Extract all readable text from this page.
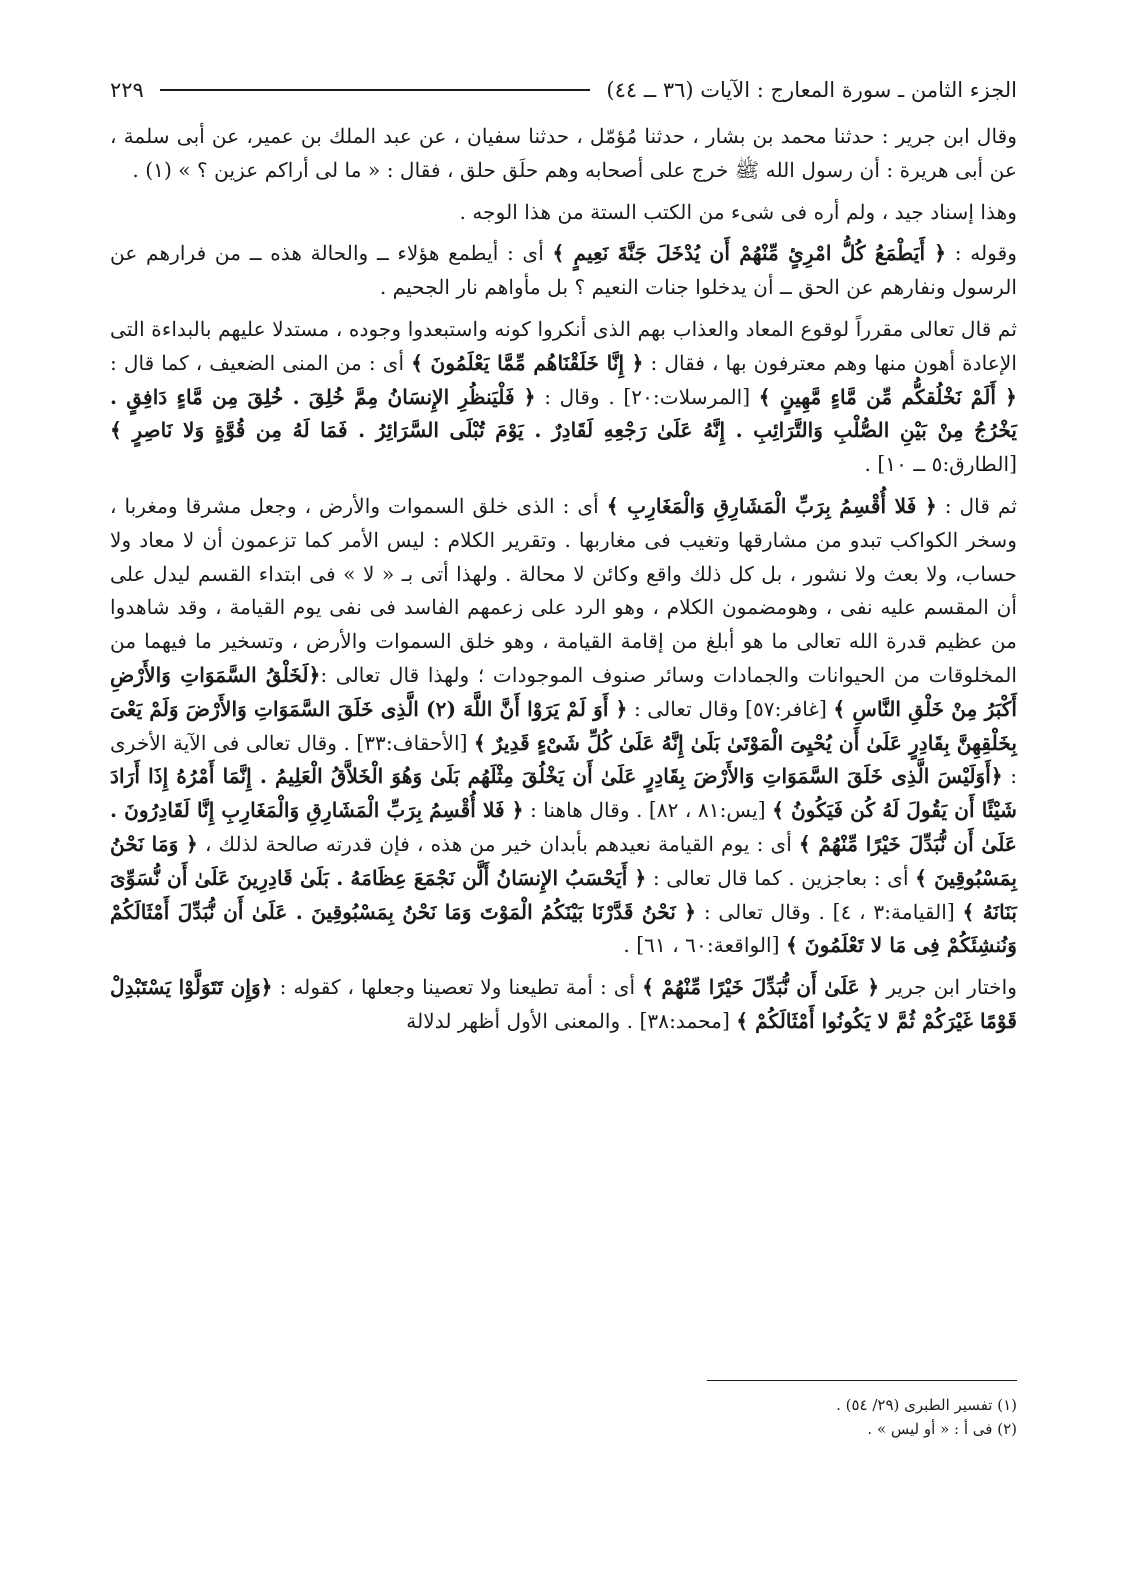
الجزء الثامن ـ سورة المعارج : الآيات (٣٦ ــ ٤٤)
٢٢٩

وقال ابن جرير : حدثنا محمد بن بشار ، حدثنا مُؤمّل ، حدثنا سفيان ، عن عبد الملك بن عمير، عن أبى سلمة ، عن أبى هريرة : أن رسول الله ﷺ خرج على أصحابه وهم حلَق حلق ، فقال : « ما لى أراكم عزين ؟ » (١) .

وهذا إسناد جيد ، ولم أره فى شىء من الكتب الستة من هذا الوجه .

وقوله : ﴿ أَيَطْمَعُ كُلُّ امْرِئٍ مِّنْهُمْ أَن يُدْخَلَ جَنَّةَ نَعِيمٍ ﴾ أى : أيطمع هؤلاء ــ والحالة هذه ــ من فرارهم عن الرسول ونفارهم عن الحق ــ أن يدخلوا جنات النعيم ؟ بل مأواهم نار الجحيم .

ثم قال تعالى مقرراً لوقوع المعاد والعذاب بهم الذى أنكروا كونه واستبعدوا وجوده ، مستدلا عليهم بالبداءة التى الإعادة أهون منها وهم معترفون بها ، فقال : ﴿ إِنَّا خَلَقْنَاهُم مِّمَّا يَعْلَمُونَ ﴾ أى : من المنى الضعيف ، كما قال : ﴿ أَلَمْ نَخْلُقكُّم مِّن مَّاءٍ مَّهِينٍ ﴾ [المرسلات:٢٠] . وقال : ﴿ فَلْيَنظُرِ الإِنسَانُ مِمَّ خُلِقَ . خُلِقَ مِن مَّاءٍ دَافِقٍ . يَخْرُجُ مِنْ بَيْنِ الصُّلْبِ وَالتَّرَائِبِ . إِنَّهُ عَلَىٰ رَجْعِهِ لَقَادِرٌ . يَوْمَ تُبْلَى السَّرَائِرُ . فَمَا لَهُ مِن قُوَّةٍ وَلا نَاصِرٍ ﴾ [الطارق:٥ ــ ١٠] .

ثم قال : ﴿ فَلا أُقْسِمُ بِرَبِّ الْمَشَارِقِ وَالْمَغَارِبِ ﴾ أى : الذى خلق السموات والأرض ، وجعل مشرقا ومغربا ، وسخر الكواكب تبدو من مشارقها وتغيب فى مغاربها . وتقرير الكلام : ليس الأمر كما تزعمون أن لا معاد ولا حساب، ولا بعث ولا نشور ، بل كل ذلك واقع وكائن لا محالة . ولهذا أتى بـ « لا » فى ابتداء القسم ليدل على أن المقسم عليه نفى ، وهومضمون الكلام ، وهو الرد على زعمهم الفاسد فى نفى يوم القيامة ، وقد شاهدوا من عظيم قدرة الله تعالى ما هو أبلغ من إقامة القيامة ، وهو خلق السموات والأرض ، وتسخير ما فيهما من المخلوقات من الحيوانات والجمادات وسائر صنوف الموجودات ؛ ولهذا قال تعالى :﴿لَخَلْقُ السَّمَوَاتِ وَالأَرْضِ أَكْبَرُ مِنْ خَلْقِ النَّاسِ ﴾ [غافر:٥٧] وقال تعالى : ﴿ أَوَ لَمْ يَرَوْا أَنَّ اللَّهَ (٢) الَّذِى خَلَقَ السَّمَوَاتِ وَالأَرْضَ وَلَمْ يَعْىَ بِخَلْقِهِنَّ بِقَادِرٍ عَلَىٰ أَن يُحْيِىَ الْمَوْتَىٰ بَلَىٰ إِنَّهُ عَلَىٰ كُلِّ شَىْءٍ قَدِيرٌ ﴾ [الأحقاف:٣٣] . وقال تعالى فى الآية الأخرى : ﴿أَوَلَيْسَ الَّذِى خَلَقَ السَّمَوَاتِ وَالأَرْضَ بِقَادِرٍ عَلَىٰ أَن يَخْلُقَ مِثْلَهُم بَلَىٰ وَهُوَ الْخَلاَّقُ الْعَلِيمُ . إِنَّمَا أَمْرُهُ إِذَا أَرَادَ شَيْئًا أَن يَقُولَ لَهُ كُن فَيَكُونُ ﴾ [يس:٨١ ، ٨٢] . وقال هاهنا : ﴿ فَلا أُقْسِمُ بِرَبِّ الْمَشَارِقِ وَالْمَغَارِبِ إِنَّا لَقَادِرُونَ . عَلَىٰ أَن نُّبَدِّلَ خَيْرًا مِّنْهُمْ ﴾ أى : يوم القيامة نعيدهم بأبدان خير من هذه ، فإن قدرته صالحة لذلك ، ﴿ وَمَا نَحْنُ بِمَسْبُوقِينَ ﴾ أى : بعاجزين . كما قال تعالى : ﴿ أَيَحْسَبُ الإِنسَانُ أَلَّن نَجْمَعَ عِظَامَهُ . بَلَىٰ قَادِرِينَ عَلَىٰ أَن نُّسَوِّىَ بَنَانَهُ ﴾ [القيامة:٣ ، ٤] . وقال تعالى : ﴿ نَحْنُ قَدَّرْنَا بَيْنَكُمُ الْمَوْتَ وَمَا نَحْنُ بِمَسْبُوقِينَ . عَلَىٰ أَن نُّبَدِّلَ أَمْثَالَكُمْ وَنُنشِئَكُمْ فِى مَا لا تَعْلَمُونَ ﴾ [الواقعة:٦٠ ، ٦١] .

واختار ابن جرير ﴿ عَلَىٰ أَن نُّبَدِّلَ خَيْرًا مِّنْهُمْ ﴾ أى : أمة تطيعنا ولا تعصينا وجعلها ، كقوله : ﴿وَإِن تَتَوَلَّوْا يَسْتَبْدِلْ قَوْمًا غَيْرَكُمْ ثُمَّ لا يَكُونُوا أَمْثَالَكُمْ ﴾ [محمد:٣٨] . والمعنى الأول أظهر لدلالة

(١) تفسير الطبرى (٢٩/ ٥٤) .

(٢) فى أ : « أو ليس » .
